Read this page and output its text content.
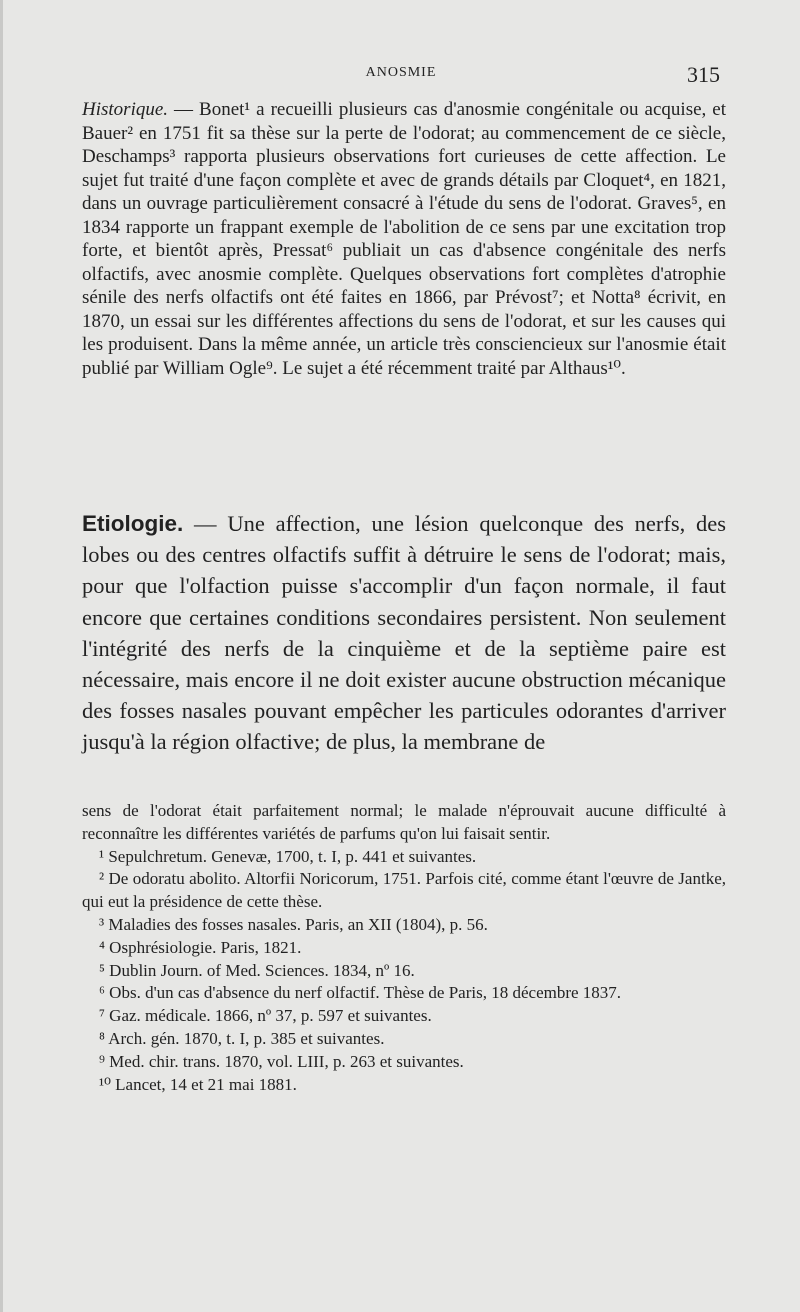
ANOSMIE	315

Historique. — Bonet¹ a recueilli plusieurs cas d'anosmie congénitale ou acquise, et Bauer² en 1751 fit sa thèse sur la perte de l'odorat; au commencement de ce siècle, Deschamps³ rapporta plusieurs observations fort curieuses de cette affection. Le sujet fut traité d'une façon complète et avec de grands détails par Cloquet⁴, en 1821, dans un ouvrage particulièrement consacré à l'étude du sens de l'odorat. Graves⁵, en 1834 rapporte un frappant exemple de l'abolition de ce sens par une excitation trop forte, et bientôt après, Pressat⁶ publiait un cas d'absence congénitale des nerfs olfactifs, avec anosmie complète. Quelques observations fort complètes d'atrophie sénile des nerfs olfactifs ont été faites en 1866, par Prévost⁷; et Notta⁸ écrivit, en 1870, un essai sur les différentes affections du sens de l'odorat, et sur les causes qui les produisent. Dans la même année, un article très consciencieux sur l'anosmie était publié par William Ogle⁹. Le sujet a été récemment traité par Althaus¹⁰.

Etiologie. — Une affection, une lésion quelconque des nerfs, des lobes ou des centres olfactifs suffit à détruire le sens de l'odorat; mais, pour que l'olfaction puisse s'accomplir d'un façon normale, il faut encore que certaines conditions secondaires persistent. Non seulement l'intégrité des nerfs de la cinquième et de la septième paire est nécessaire, mais encore il ne doit exister aucune obstruction mécanique des fosses nasales pouvant empêcher les particules odorantes d'arriver jusqu'à la région olfactive; de plus, la membrane de

sens de l'odorat était parfaitement normal; le malade n'éprouvait aucune difficulté à reconnaître les différentes variétés de parfums qu'on lui faisait sentir.

¹ Sepulchretum. Genevæ, 1700, t. I, p. 441 et suivantes.

² De odoratu abolito. Altorfii Noricorum, 1751. Parfois cité, comme étant l'œuvre de Jantke, qui eut la présidence de cette thèse.

³ Maladies des fosses nasales. Paris, an XII (1804), p. 56.

⁴ Osphrésiologie. Paris, 1821.

⁵ Dublin Journ. of Med. Sciences. 1834, nº 16.

⁶ Obs. d'un cas d'absence du nerf olfactif. Thèse de Paris, 18 décembre 1837.

⁷ Gaz. médicale. 1866, nº 37, p. 597 et suivantes.

⁸ Arch. gén. 1870, t. I, p. 385 et suivantes.

⁹ Med. chir. trans. 1870, vol. LIII, p. 263 et suivantes.

¹⁰ Lancet, 14 et 21 mai 1881.
